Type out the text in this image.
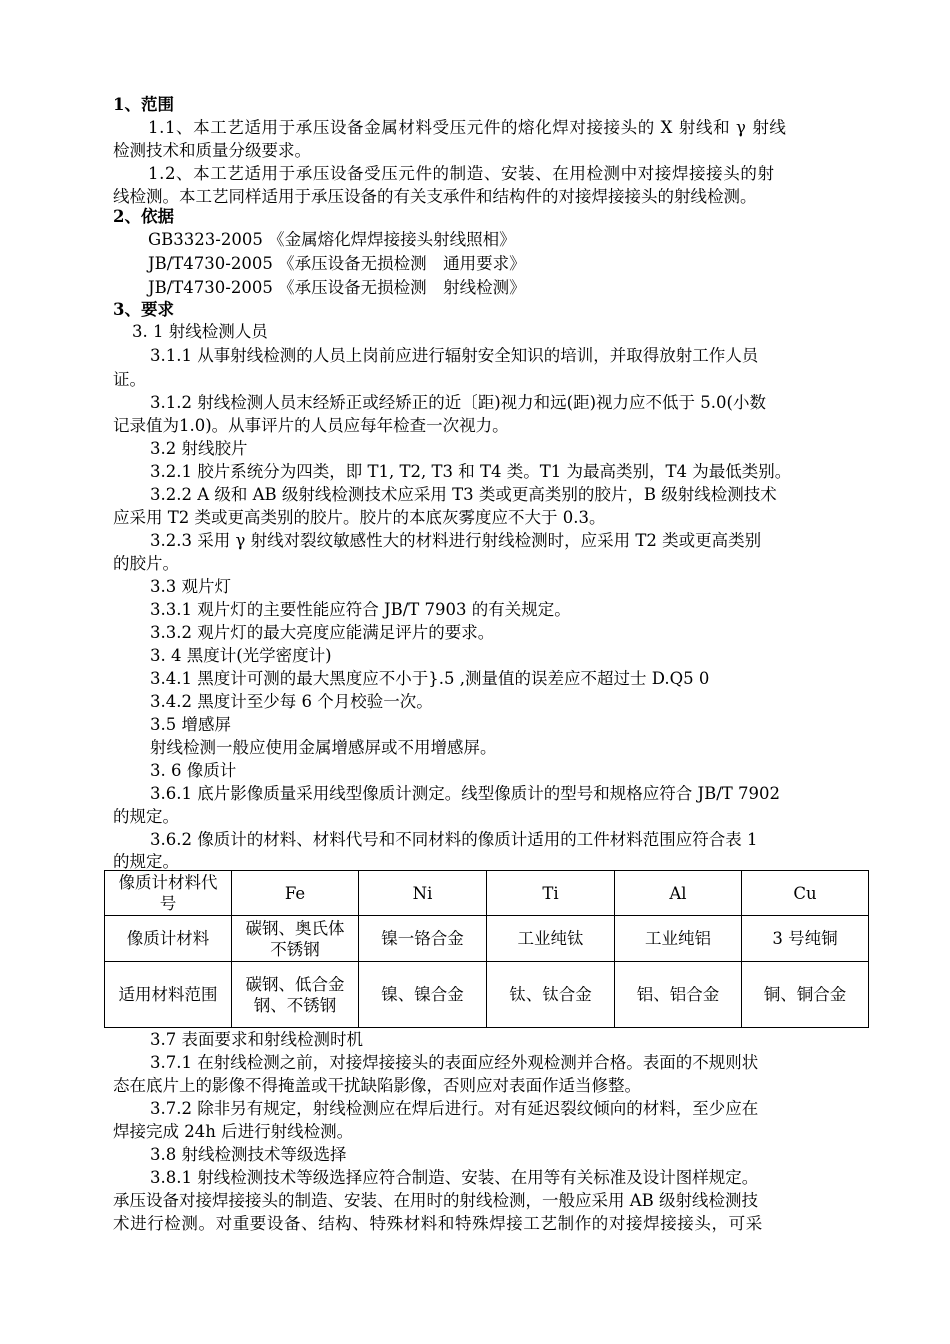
1、范围
1.1、本工艺适用于承压设备金属材料受压元件的熔化焊对接接头的 X 射线和 γ 射线
检测技术和质量分级要求。
1.2、本工艺适用于承压设备受压元件的制造、安装、在用检测中对接焊接接头的射
线检测。本工艺同样适用于承压设备的有关支承件和结构件的对接焊接接头的射线检测。
2、依据
GB3323-2005 《金属熔化焊焊接接头射线照相》
JB/T4730-2005 《承压设备无损检测　通用要求》
JB/T4730-2005 《承压设备无损检测　射线检测》
3、要求
3. 1 射线检测人员
3.1.1 从事射线检测的人员上岗前应进行辐射安全知识的培训，并取得放射工作人员
证。
3.1.2 射线检测人员末经矫正或经矫正的近〔距)视力和远(距)视力应不低于 5.0(小数
记录值为1.0)。从事评片的人员应每年检查一次视力。
3.2 射线胶片
3.2.1 胶片系统分为四类，即 T1, T2, T3 和 T4 类。T1 为最高类别，T4 为最低类别。
3.2.2 A 级和 AB 级射线检测技术应采用 T3 类或更高类别的胶片，B 级射线检测技术
应采用 T2 类或更高类别的胶片。胶片的本底灰雾度应不大于 0.3。
3.2.3 采用 γ 射线对裂纹敏感性大的材料进行射线检测时，应采用 T2 类或更高类别
的胶片。
3.3 观片灯
3.3.1 观片灯的主要性能应符合 JB/T 7903 的有关规定。
3.3.2 观片灯的最大亮度应能满足评片的要求。
3. 4 黑度计(光学密度计)
3.4.1 黑度计可测的最大黑度应不小于}.5 ,测量值的误差应不超过士 D.Q5 0
3.4.2 黑度计至少每 6 个月校验一次。
3.5 增感屏
射线检测一般应使用金属增感屏或不用增感屏。
3. 6 像质计
3.6.1 底片影像质量采用线型像质计测定。线型像质计的型号和规格应符合 JB/T 7902
的规定。
3.6.2 像质计的材料、材料代号和不同材料的像质计适用的工件材料范围应符合表 1
的规定。
像质计材料代号	Fe	Ni	Ti	Al	Cu
像质计材料	碳钢、奥氏体不锈钢	镍一铬合金	工业纯钛	工业纯铝	3 号纯铜
适用材料范围	碳钢、低合金钢、不锈钢	镍、镍合金	钛、钛合金	铝、铝合金	铜、铜合金
3.7 表面要求和射线检测时机
3.7.1 在射线检测之前，对接焊接接头的表面应经外观检测并合格。表面的不规则状
态在底片上的影像不得掩盖或干扰缺陷影像，否则应对表面作适当修整。
3.7.2 除非另有规定，射线检测应在焊后进行。对有延迟裂纹倾向的材料，至少应在
焊接完成 24h 后进行射线检测。
3.8 射线检测技术等级选择
3.8.1 射线检测技术等级选择应符合制造、安装、在用等有关标准及设计图样规定。
承压设备对接焊接接头的制造、安装、在用时的射线检测，一般应采用 AB 级射线检测技
术进行检测。对重要设备、结构、特殊材料和特殊焊接工艺制作的对接焊接接头，可采
